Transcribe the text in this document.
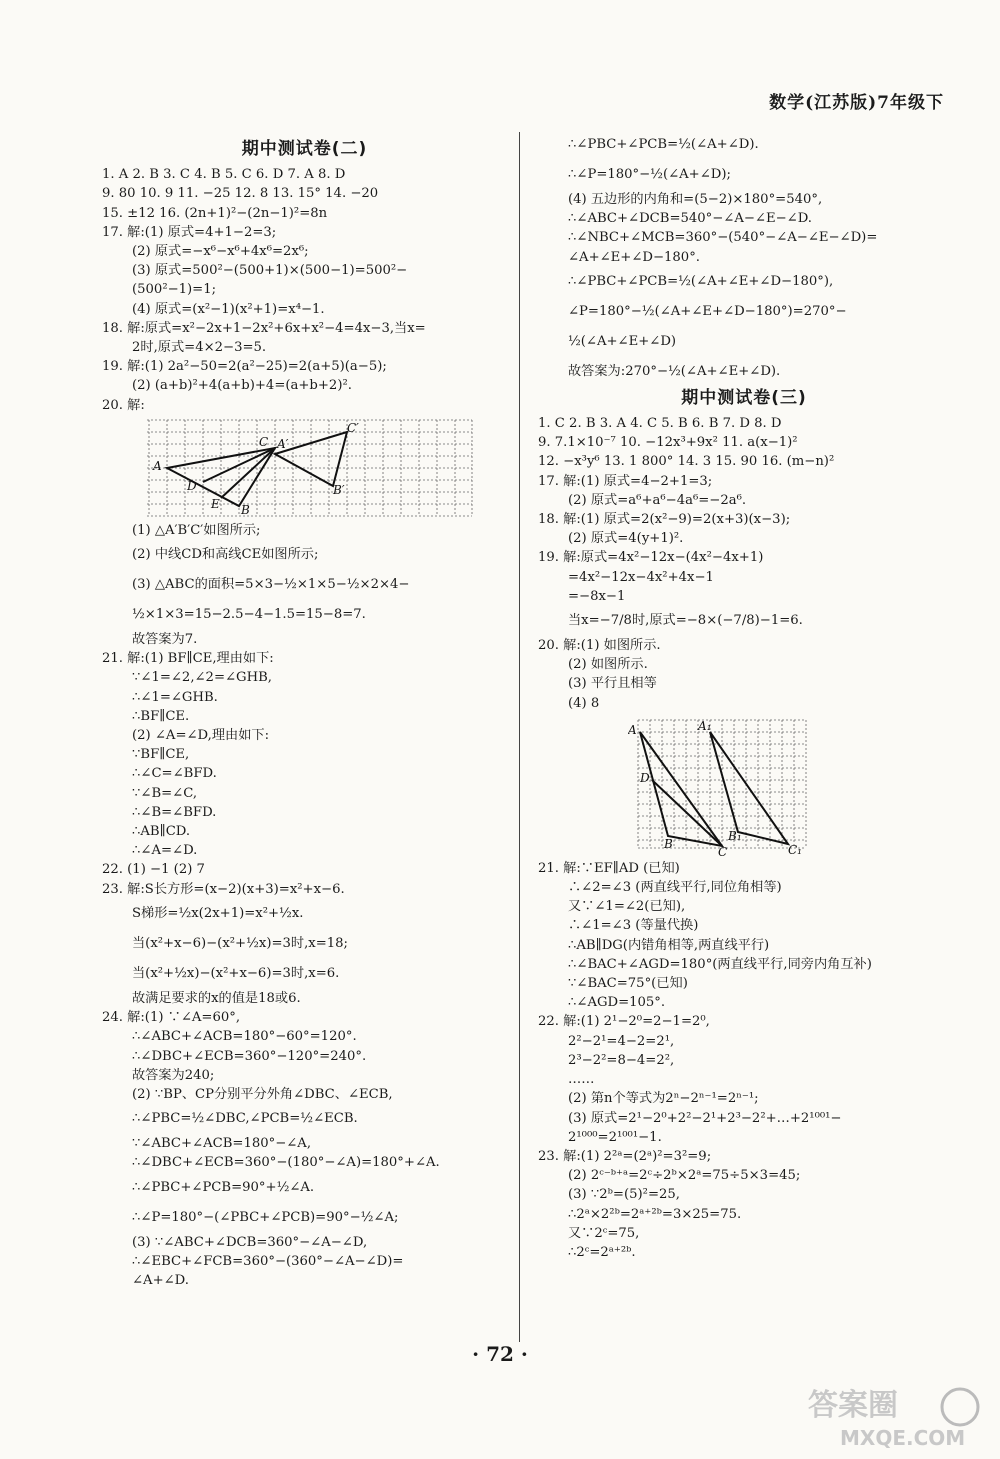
数学(江苏版)7年级下
期中测试卷(二)
1. A 2. B 3. C 4. B 5. C 6. D 7. A 8. D
9. 80 10. 9 11. −25 12. 8 13. 15° 14. −20
15. ±12 16. (2n+1)²−(2n−1)²=8n
17. 解:(1) 原式=4+1−2=3;
(2) 原式=−x⁶−x⁶+4x⁶=2x⁶;
(3) 原式=500²−(500+1)×(500−1)=500²−
(500²−1)=1;
(4) 原式=(x²−1)(x²+1)=x⁴−1.
18. 解:原式=x²−2x+1−2x²+6x+x²−4=4x−3,当x=
2时,原式=4×2−3=5.
19. 解:(1) 2a²−50=2(a²−25)=2(a+5)(a−5);
(2) (a+b)²+4(a+b)+4=(a+b+2)².
20. 解:
A
C A′
C′
D
E B
B′
(1) △A′B′C′如图所示;
(2) 中线CD和高线CE如图所示;
(3) △ABC的面积=5×3−½×1×5−½×2×4−
½×1×3=15−2.5−4−1.5=15−8=7.
故答案为7.
21. 解:(1) BF∥CE,理由如下:
∵∠1=∠2,∠2=∠GHB,
∴∠1=∠GHB.
∴BF∥CE.
(2) ∠A=∠D,理由如下:
∵BF∥CE,
∴∠C=∠BFD.
∵∠B=∠C,
∴∠B=∠BFD.
∴AB∥CD.
∴∠A=∠D.
22. (1) −1 (2) 7
23. 解:S长方形=(x−2)(x+3)=x²+x−6.
S梯形=½x(2x+1)=x²+½x.
当(x²+x−6)−(x²+½x)=3时,x=18;
当(x²+½x)−(x²+x−6)=3时,x=6.
故满足要求的x的值是18或6.
24. 解:(1) ∵∠A=60°,
∴∠ABC+∠ACB=180°−60°=120°.
∴∠DBC+∠ECB=360°−120°=240°.
故答案为240;
(2) ∵BP、CP分别平分外角∠DBC、∠ECB,
∴∠PBC=½∠DBC,∠PCB=½∠ECB.
∵∠ABC+∠ACB=180°−∠A,
∴∠DBC+∠ECB=360°−(180°−∠A)=180°+∠A.
∴∠PBC+∠PCB=90°+½∠A.
∴∠P=180°−(∠PBC+∠PCB)=90°−½∠A;
(3) ∵∠ABC+∠DCB=360°−∠A−∠D,
∴∠EBC+∠FCB=360°−(360°−∠A−∠D)=
∠A+∠D.
∴∠PBC+∠PCB=½(∠A+∠D).
∴∠P=180°−½(∠A+∠D);
(4) 五边形的内角和=(5−2)×180°=540°,
∴∠ABC+∠DCB=540°−∠A−∠E−∠D.
∴∠NBC+∠MCB=360°−(540°−∠A−∠E−∠D)=
∠A+∠E+∠D−180°.
∴∠PBC+∠PCB=½(∠A+∠E+∠D−180°),
∠P=180°−½(∠A+∠E+∠D−180°)=270°−
½(∠A+∠E+∠D)
故答案为:270°−½(∠A+∠E+∠D).
期中测试卷(三)
1. C 2. B 3. A 4. C 5. B 6. B 7. D 8. D
9. 7.1×10⁻⁷ 10. −12x³+9x² 11. a(x−1)²
12. −x³y⁶ 13. 1 800° 14. 3 15. 90 16. (m−n)²
17. 解:(1) 原式=4−2+1=3;
(2) 原式=a⁶+a⁶−4a⁶=−2a⁶.
18. 解:(1) 原式=2(x²−9)=2(x+3)(x−3);
(2) 原式=4(y+1)².
19. 解:原式=4x²−12x−(4x²−4x+1)
=4x²−12x−4x²+4x−1
=−8x−1
当x=−7/8时,原式=−8×(−7/8)−1=6.
20. 解:(1) 如图所示.
(2) 如图所示.
(3) 平行且相等
(4) 8
A	A₁
D
B
C
B₁
C₁
21. 解:∵EF∥AD (已知)
∴∠2=∠3 (两直线平行,同位角相等)
又∵∠1=∠2(已知),
∴∠1=∠3 (等量代换)
∴AB∥DG(内错角相等,两直线平行)
∴∠BAC+∠AGD=180°(两直线平行,同旁内角互补)
∵∠BAC=75°(已知)
∴∠AGD=105°.
22. 解:(1) 2¹−2⁰=2−1=2⁰,
2²−2¹=4−2=2¹,
2³−2²=8−4=2²,
……
(2) 第n个等式为2ⁿ−2ⁿ⁻¹=2ⁿ⁻¹;
(3) 原式=2¹−2⁰+2²−2¹+2³−2²+…+2¹⁰⁰¹−
2¹⁰⁰⁰=2¹⁰⁰¹−1.
23. 解:(1) 2²ᵃ=(2ᵃ)²=3²=9;
(2) 2ᶜ⁻ᵇ⁺ᵃ=2ᶜ÷2ᵇ×2ᵃ=75÷5×3=45;
(3) ∵2ᵇ=(5)²=25,
∴2ᵃ×2²ᵇ=2ᵃ⁺²ᵇ=3×25=75.
又∵2ᶜ=75,
∴2ᶜ=2ᵃ⁺²ᵇ.
· 72 ·
答案圈
MXQE.COM
